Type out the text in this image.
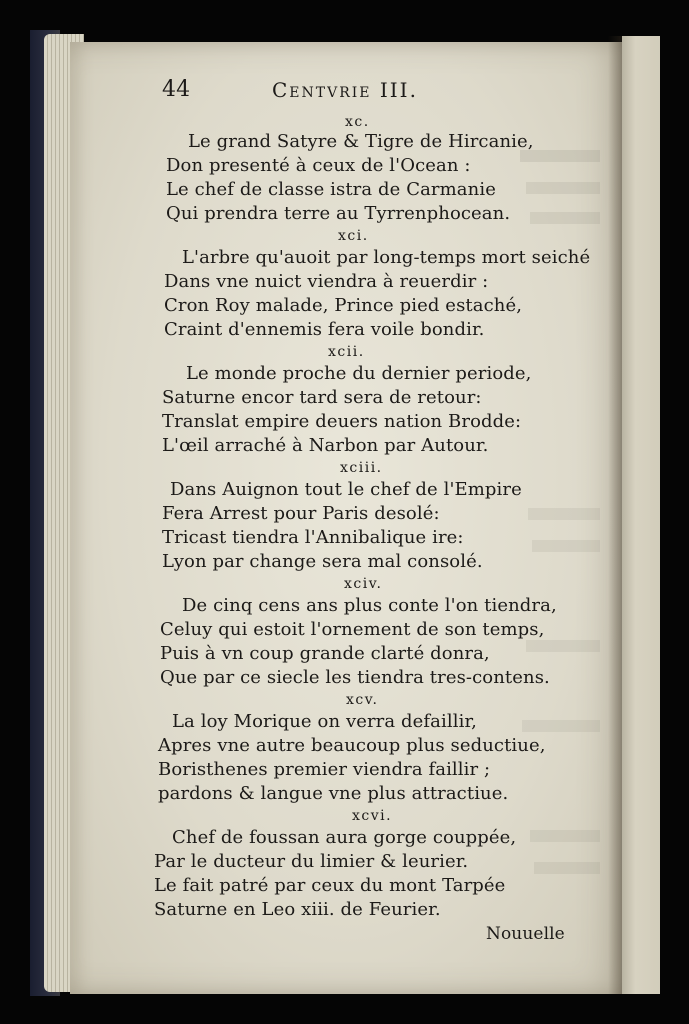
44	Centvrie III.
xc.
Le grand Satyre & Tigre de Hircanie,
Don presenté à ceux de l'Ocean :
Le chef de classe istra de Carmanie
Qui prendra terre au Tyrrenphocean.
xci.
L'arbre qu'auoit par long-temps mort seiché
Dans vne nuict viendra à reuerdir :
Cron Roy malade, Prince pied estaché,
Craint d'ennemis fera voile bondir.
xcii.
Le monde proche du dernier periode,
Saturne encor tard sera de retour:
Translat empire deuers nation Brodde:
L'œil arraché à Narbon par Autour.
xciii.
Dans Auignon tout le chef de l'Empire
Fera Arrest pour Paris desolé:
Tricast tiendra l'Annibalique ire:
Lyon par change sera mal consolé.
xciv.
De cinq cens ans plus conte l'on tiendra,
Celuy qui estoit l'ornement de son temps,
Puis à vn coup grande clarté donra,
Que par ce siecle les tiendra tres-contens.
xcv.
La loy Morique on verra defaillir,
Apres vne autre beaucoup plus seductiue,
Boristhenes premier viendra faillir ;
pardons & langue vne plus attractiue.
xcvi.
Chef de foussan aura gorge couppée,
Par le ducteur du limier & leurier.
Le fait patré par ceux du mont Tarpée
Saturne en Leo xiii. de Feurier.
Nouuelle
